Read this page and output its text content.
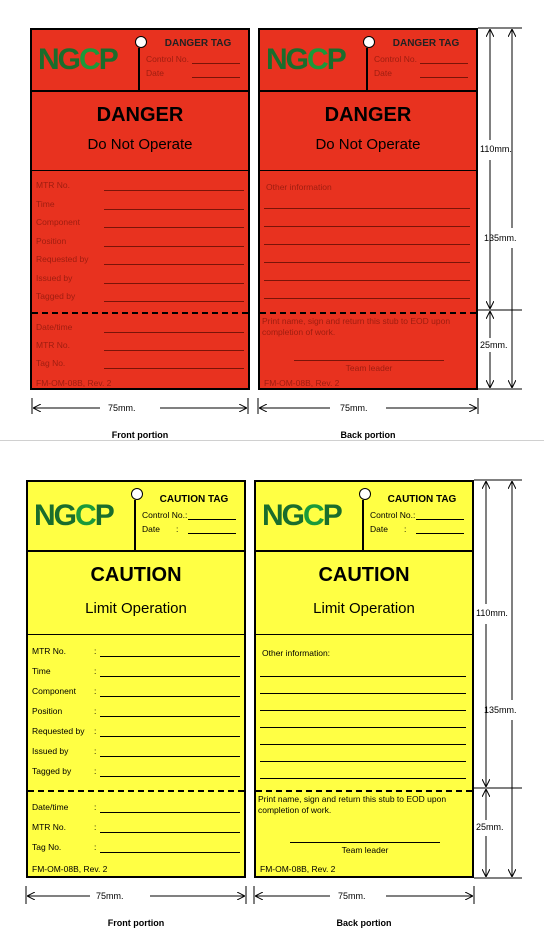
NGCP	DANGER TAG
Control No.
Date
DANGER
Do Not Operate
MTR No.
Time
Component
Position
Requested by
Issued by
Tagged by
Date/time
MTR No.
Tag No.
FM-OM-08B, Rev. 2
NGCP	DANGER TAG
Control No.
Date
DANGER
Do Not Operate
Other information
Print name, sign and return this stub to EOD upon completion of work.
Team leader
FM-OM-08B, Rev. 2
NGCP	CAUTION TAG
Control No.:
Date :
CAUTION
Limit Operation
MTR No.	:
Time	:
Component :
Position	:
Requested by :
Issued by	:
Tagged by	:
Date/time	:
MTR No.	:
Tag No.	:
FM-OM-08B, Rev. 2
NGCP	CAUTION TAG
Control No.:
Date :
CAUTION
Limit Operation
Other information:
Print name, sign and return this stub to EOD upon completion of work.
Team leader
FM-OM-08B, Rev. 2
110mm.
135mm.
25mm.
75mm.	75mm.
110mm.
135mm.
25mm.
75mm.	75mm.
Front portion	Back portion
Front portion	Back portion
